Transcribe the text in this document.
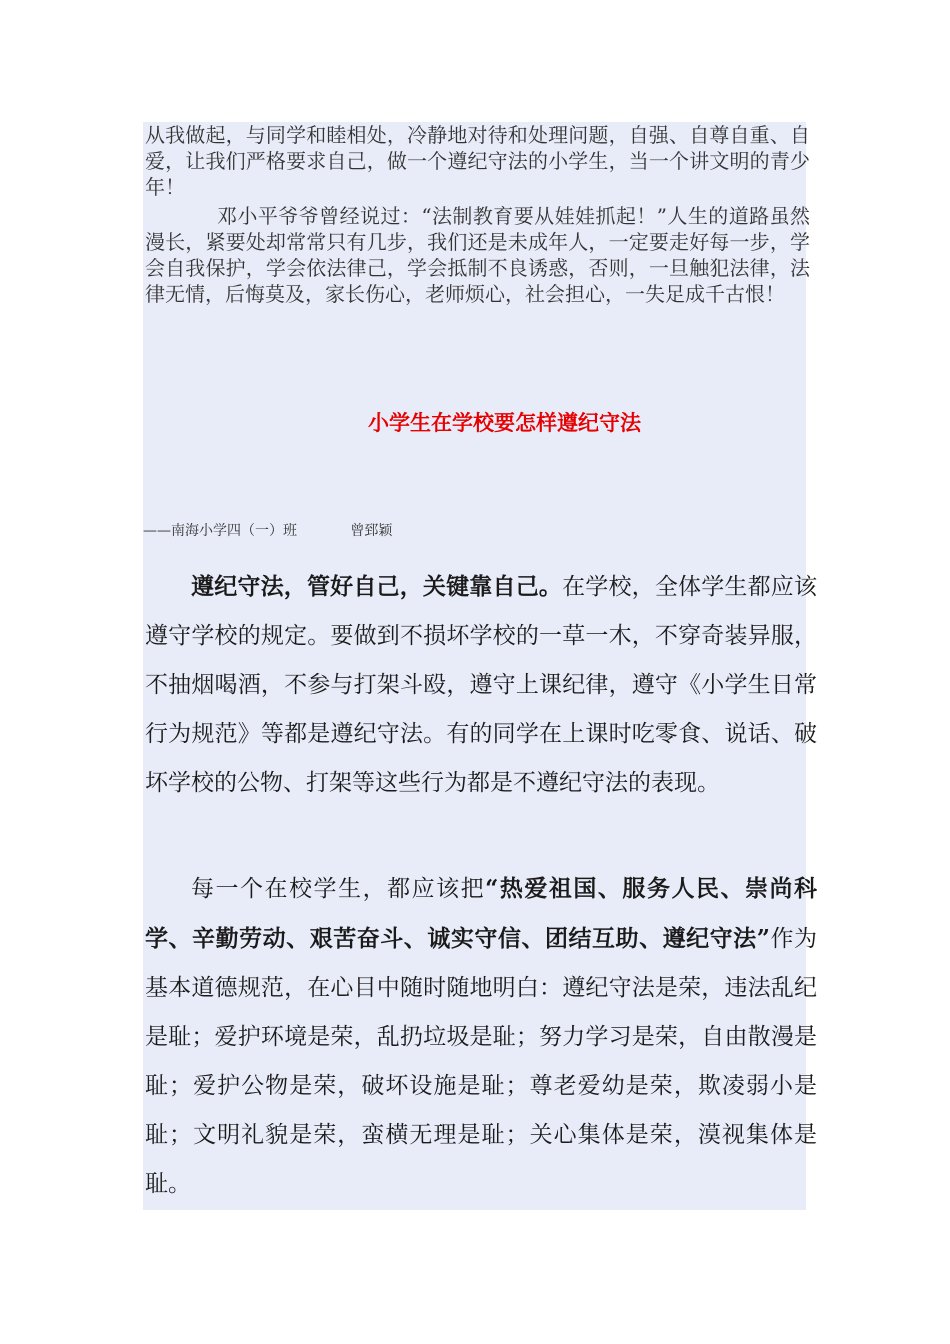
从我做起，与同学和睦相处，冷静地对待和处理问题，自强、自尊自重、自爱，让我们严格要求自己，做一个遵纪守法的小学生，当一个讲文明的青少年！

邓小平爷爷曾经说过：“法制教育要从娃娃抓起！”人生的道路虽然漫长，紧要处却常常只有几步，我们还是未成年人，一定要走好每一步，学会自我保护，学会依法律己，学会抵制不良诱惑，否则，一旦触犯法律，法律无情，后悔莫及，家长伤心，老师烦心，社会担心，一失足成千古恨！

小学生在学校要怎样遵纪守法

——南海小学四（一）班            曾郅颖

遵纪守法，管好自己，关键靠自己。在学校，全体学生都应该遵守学校的规定。要做到不损坏学校的一草一木，不穿奇装异服，不抽烟喝酒，不参与打架斗殴，遵守上课纪律，遵守《小学生日常行为规范》等都是遵纪守法。有的同学在上课时吃零食、说话、破坏学校的公物、打架等这些行为都是不遵纪守法的表现。

每一个在校学生，都应该把“热爱祖国、服务人民、崇尚科学、辛勤劳动、艰苦奋斗、诚实守信、团结互助、遵纪守法”作为基本道德规范，在心目中随时随地明白：遵纪守法是荣，违法乱纪是耻；爱护环境是荣，乱扔垃圾是耻；努力学习是荣，自由散漫是耻；爱护公物是荣，破坏设施是耻；尊老爱幼是荣，欺凌弱小是耻；文明礼貌是荣，蛮横无理是耻；关心集体是荣，漠视集体是耻。
